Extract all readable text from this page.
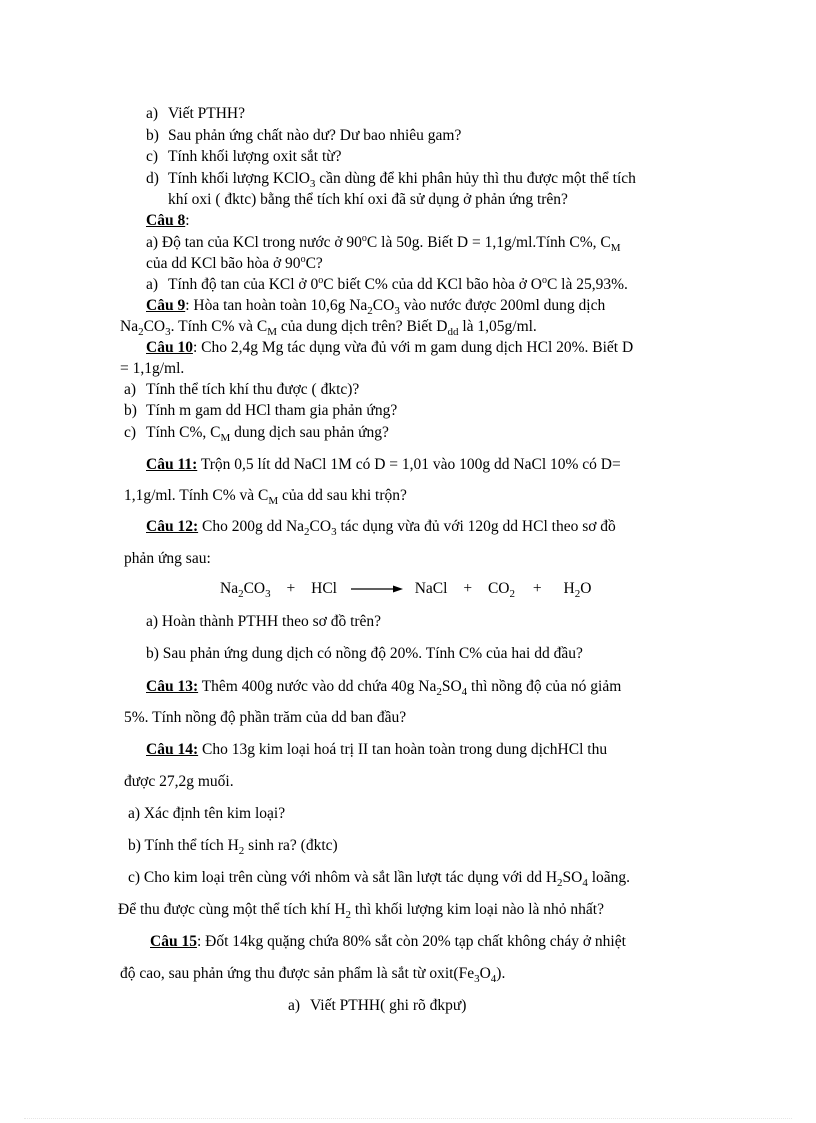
a) Viết PTHH?
b) Sau phản ứng chất nào dư? Dư bao nhiêu gam?
c) Tính khối lượng oxit sắt từ?
d) Tính khối lượng KClO$_3$ cần dùng để khi phân hủy thì thu được một thể tích
khí oxi ( đktc) bằng thể tích khí oxi đã sử dụng ở phản ứng trên?
Câu 8:
a) Độ tan của KCl trong nước ở 90$^o$C là 50g. Biết D = 1,1g/ml.Tính C%, $C_M$
của dd KCl bão hòa ở 90$^o$C?
a) Tính độ tan của KCl ở 0$^o$C biết C% của dd KCl bão hòa ở $O^oC$ là 25,93%.
Câu 9: Hòa tan hoàn toàn 10,6g $Na_2CO_3$ vào nước được 200ml dung dịch
$Na_2CO_3$. Tính C% và $C_M$ của dung dịch trên? Biết $D_{dd}$ là 1,05g/ml.
Câu 10: Cho 2,4g Mg tác dụng vừa đủ với m gam dung dịch HCl 20%. Biết D
= 1,1g/ml.
a) Tính thể tích khí thu được ( đktc)?
b) Tính m gam dd HCl tham gia phản ứng?
c) Tính C%, $C_M$ dung dịch sau phản ứng?
Câu 11: Trộn 0,5 lít dd NaCl 1M có D = 1,01 vào 100g dd NaCl 10% có D=
1,1g/ml. Tính C% và $C_M$ của dd sau khi trộn?
Câu 12: Cho 200g dd $Na_2CO_3$ tác dụng vừa đủ với 120g dd HCl theo sơ đồ
phản ứng sau:
$Na_2CO_3$ + HCl → NaCl + $CO_2 + H_2O$
a) Hoàn thành PTHH theo sơ đồ trên?
b) Sau phản ứng dung dịch có nồng độ 20%. Tính C% của hai dd đầu?
Câu 13: Thêm 400g nước vào dd chứa 40g $Na_2SO_4$ thì nồng độ của nó giảm
5%. Tính nồng độ phần trăm của dd ban đầu?
Câu 14: Cho 13g kim loại hoá trị II tan hoàn toàn trong dung dịchHCl thu
được 27,2g muối.
a) Xác định tên kim loại?
b) Tính thể tích $H_2$ sinh ra? (đktc)
c) Cho kim loại trên cùng với nhôm và sắt lần lượt tác dụng với dd $H_2SO_4$ loãng.
Để thu được cùng một thể tích khí $H_2$ thì khối lượng kim loại nào là nhỏ nhất?
Câu 15: Đốt 14kg quặng chứa 80% sắt còn 20% tạp chất không cháy ở nhiệt
độ cao, sau phản ứng thu được sản phẩm là sắt từ $oxit(Fe_3O_4)$.
a) Viết PTHH( ghi rõ đkpư)
